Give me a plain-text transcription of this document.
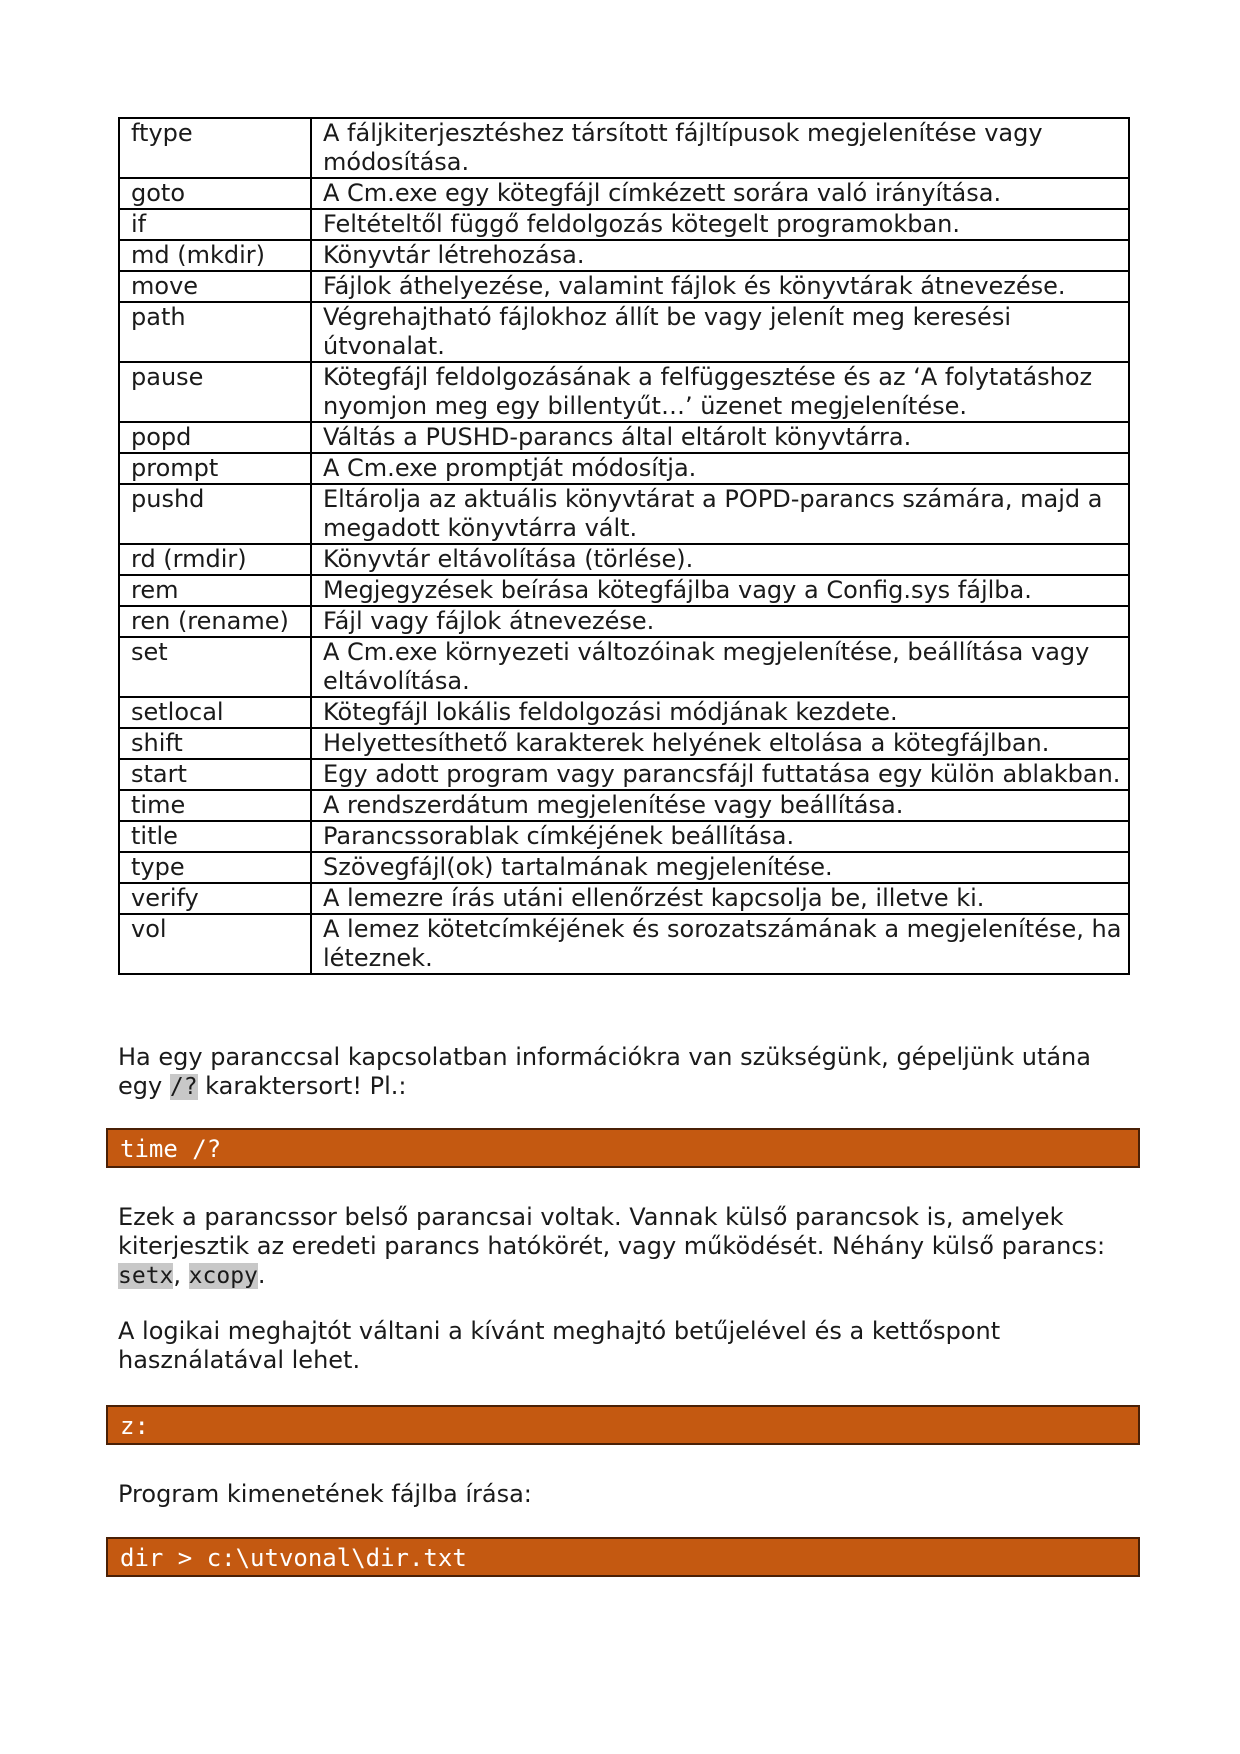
ftype	A fáljkiterjesztéshez társított fájltípusok megjelenítése vagy módosítása.
goto	A Cm.exe egy kötegfájl címkézett sorára való irányítása.
if	Feltételtől függő feldolgozás kötegelt programokban.
md (mkdir)	Könyvtár létrehozása.
move	Fájlok áthelyezése, valamint fájlok és könyvtárak átnevezése.
path	Végrehajtható fájlokhoz állít be vagy jelenít meg keresési útvonalat.
pause	Kötegfájl feldolgozásának a felfüggesztése és az ‘A folytatáshoz nyomjon meg egy billentyűt…’ üzenet megjelenítése.
popd	Váltás a PUSHD-parancs által eltárolt könyvtárra.
prompt	A Cm.exe promptját módosítja.
pushd	Eltárolja az aktuális könyvtárat a POPD-parancs számára, majd a megadott könyvtárra vált.
rd (rmdir)	Könyvtár eltávolítása (törlése).
rem	Megjegyzések beírása kötegfájlba vagy a Config.sys fájlba.
ren (rename)	Fájl vagy fájlok átnevezése.
set	A Cm.exe környezeti változóinak megjelenítése, beállítása vagy eltávolítása.
setlocal	Kötegfájl lokális feldolgozási módjának kezdete.
shift	Helyettesíthető karakterek helyének eltolása a kötegfájlban.
start	Egy adott program vagy parancsfájl futtatása egy külön ablakban.
time	A rendszerdátum megjelenítése vagy beállítása.
title	Parancssorablak címkéjének beállítása.
type	Szövegfájl(ok) tartalmának megjelenítése.
verify	A lemezre írás utáni ellenőrzést kapcsolja be, illetve ki.
vol	A lemez kötetcímkéjének és sorozatszámának a megjelenítése, ha léteznek.

Ha egy paranccsal kapcsolatban információkra van szükségünk, gépeljünk utána egy /? karaktersort! Pl.:

time /?

Ezek a parancssor belső parancsai voltak. Vannak külső parancsok is, amelyek kiterjesztik az eredeti parancs hatókörét, vagy működését. Néhány külső parancs: setx, xcopy.

A logikai meghajtót váltani a kívánt meghajtó betűjelével és a kettőspont használatával lehet.

z:

Program kimenetének fájlba írása:

dir > c:\utvonal\dir.txt
